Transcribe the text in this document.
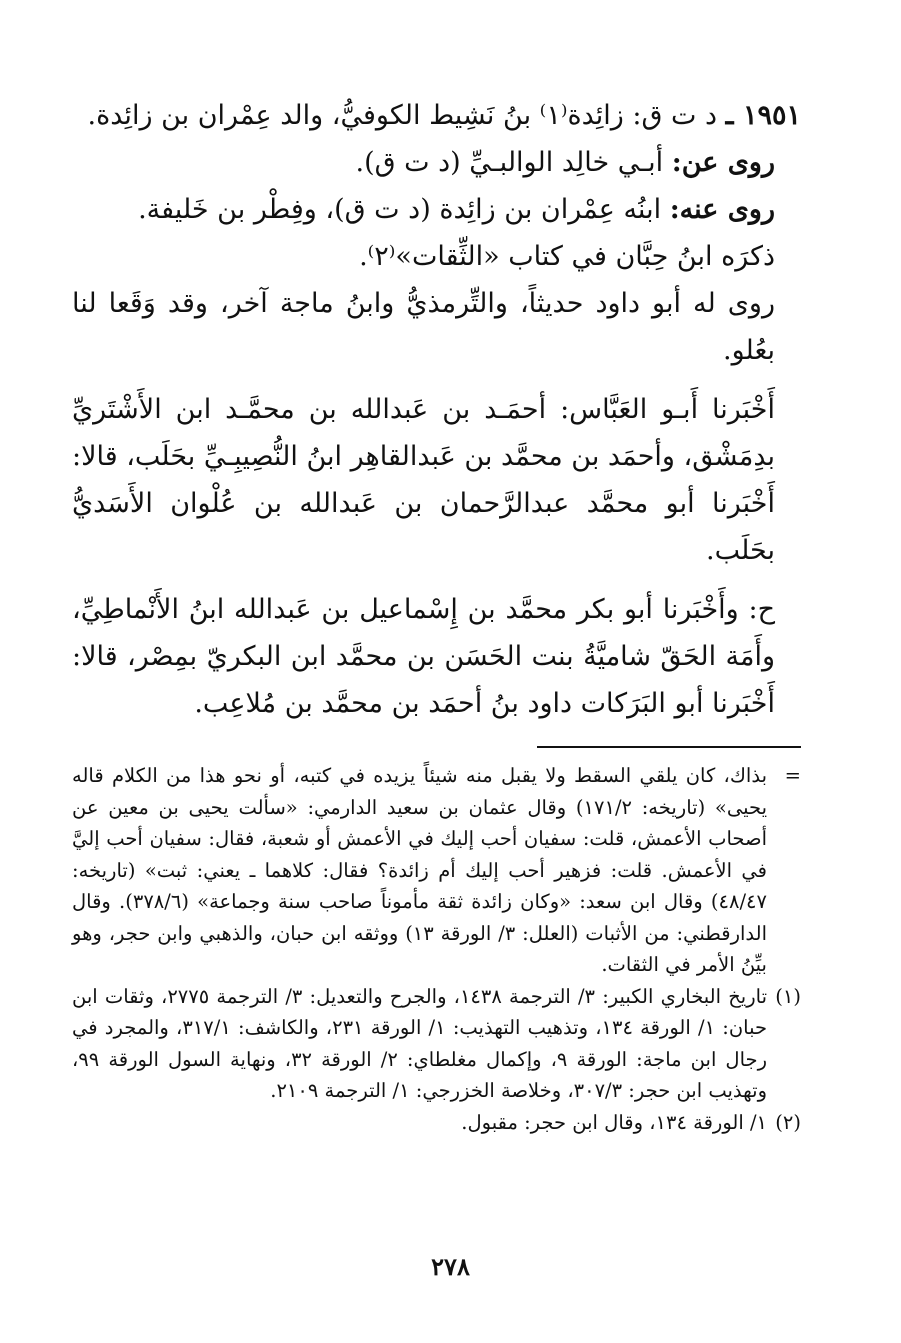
١٩٥١ ـ د ت ق: زائِدة⁽١⁾ بنُ نَشِيط الكوفيُّ، والد عِمْران بن زائِدة.

روى عن: أبـي خالِد الوالبـيِّ (د ت ق).

روى عنه: ابنُه عِمْران بن زائِدة (د ت ق)، وفِطْر بن خَليفة.

ذكرَه ابنُ حِبَّان في كتاب «الثِّقات»⁽٢⁾.

روى له أبو داود حديثاً، والتِّرمذيُّ وابنُ ماجة آخر، وقد وَقَعا لنا بعُلو.

أَخْبَرنا أَبـو العَبَّاس: أحمَـد بن عَبدالله بن محمَّـد ابن الأَشْتَريِّ بدِمَشْق، وأحمَد بن محمَّد بن عَبدالقاهِر ابنُ النُّصِيبِـيِّ بحَلَب، قالا: أَخْبَرنا أبو محمَّد عبدالرَّحمان بن عَبدالله بن عُلْوان الأَسَديُّ بحَلَب.

ح: وأَخْبَرنا أبو بكر محمَّد بن إِسْماعيل بن عَبدالله ابنُ الأَنْماطِيِّ، وأَمَة الحَقّ شاميَّةُ بنت الحَسَن بن محمَّد ابن البكريّ بمِصْر، قالا: أَخْبَرنا أبو البَرَكات داود بنُ أحمَد بن محمَّد بن مُلاعِب.

=

بذاك، كان يلقي السقط ولا يقبل منه شيئاً يزيده في كتبه، أو نحو هذا من الكلام قاله يحيى» (تاريخه: ١٧١/٢) وقال عثمان بن سعيد الدارمي: «سألت يحيى بن معين عن أصحاب الأعمش، قلت: سفيان أحب إليك في الأعمش أو شعبة، فقال: سفيان أحب إليَّ في الأعمش. قلت: فزهير أحب إليك أم زائدة؟ فقال: كلاهما ـ يعني: ثبت» (تاريخه: ٤٨/٤٧) وقال ابن سعد: «وكان زائدة ثقة مأموناً صاحب سنة وجماعة» (٣٧٨/٦). وقال الدارقطني: من الأثبات (العلل: ٣/ الورقة ١٣) ووثقه ابن حبان، والذهبي وابن حجر، وهو بيِّنُ الأمر في الثقات.

(١)

تاريخ البخاري الكبير: ٣/ الترجمة ١٤٣٨، والجرح والتعديل: ٣/ الترجمة ٢٧٧٥، وثقات ابن حبان: ١/ الورقة ١٣٤، وتذهيب التهذيب: ١/ الورقة ٢٣١، والكاشف: ٣١٧/١، والمجرد في رجال ابن ماجة: الورقة ٩، وإكمال مغلطاي: ٢/ الورقة ٣٢، ونهاية السول الورقة ٩٩، وتهذيب ابن حجر: ٣٠٧/٣، وخلاصة الخزرجي: ١/ الترجمة ٢١٠٩.

(٢)

١/ الورقة ١٣٤، وقال ابن حجر: مقبول.

٢٧٨
